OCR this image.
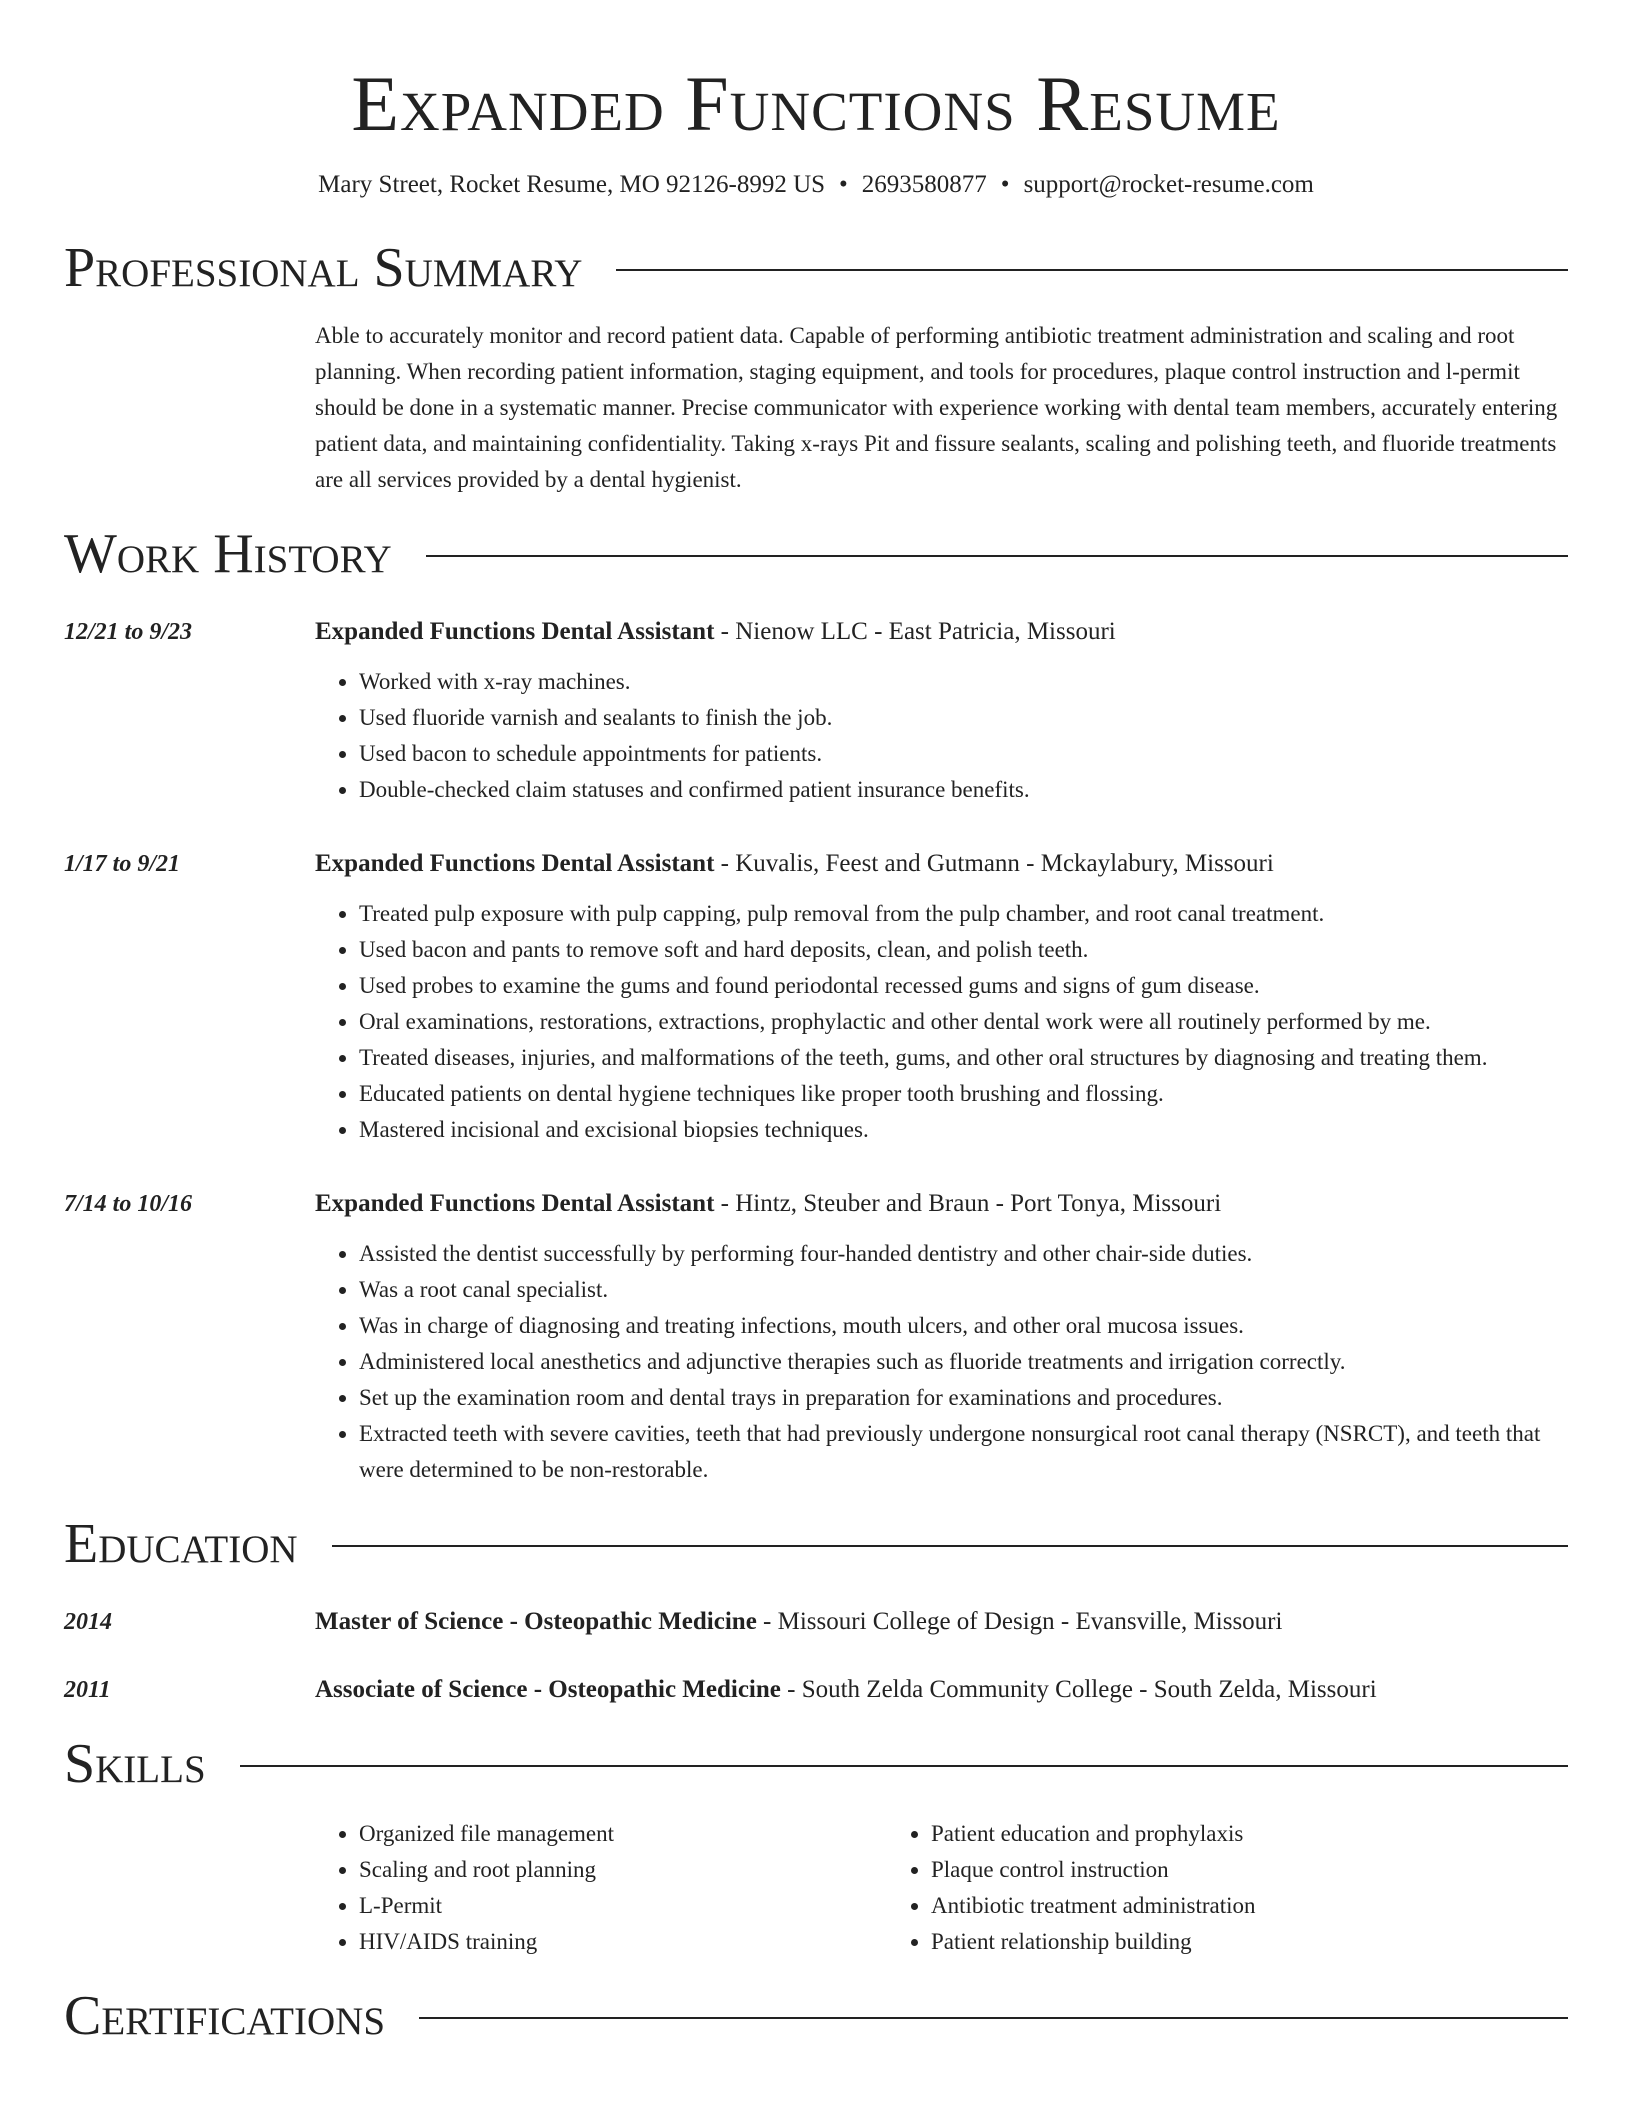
Expanded Functions Resume
Mary Street, Rocket Resume, MO 92126-8992 US • 2693580877 • support@rocket-resume.com
Professional Summary
Able to accurately monitor and record patient data. Capable of performing antibiotic treatment administration and scaling and root planning. When recording patient information, staging equipment, and tools for procedures, plaque control instruction and l-permit should be done in a systematic manner. Precise communicator with experience working with dental team members, accurately entering patient data, and maintaining confidentiality. Taking x-rays Pit and fissure sealants, scaling and polishing teeth, and fluoride treatments are all services provided by a dental hygienist.
Work History
12/21 to 9/23	Expanded Functions Dental Assistant - Nienow LLC - East Patricia, Missouri
• Worked with x-ray machines.
• Used fluoride varnish and sealants to finish the job.
• Used bacon to schedule appointments for patients.
• Double-checked claim statuses and confirmed patient insurance benefits.
1/17 to 9/21	Expanded Functions Dental Assistant - Kuvalis, Feest and Gutmann - Mckaylabury, Missouri
• Treated pulp exposure with pulp capping, pulp removal from the pulp chamber, and root canal treatment.
• Used bacon and pants to remove soft and hard deposits, clean, and polish teeth.
• Used probes to examine the gums and found periodontal recessed gums and signs of gum disease.
• Oral examinations, restorations, extractions, prophylactic and other dental work were all routinely performed by me.
• Treated diseases, injuries, and malformations of the teeth, gums, and other oral structures by diagnosing and treating them.
• Educated patients on dental hygiene techniques like proper tooth brushing and flossing.
• Mastered incisional and excisional biopsies techniques.
7/14 to 10/16	Expanded Functions Dental Assistant - Hintz, Steuber and Braun - Port Tonya, Missouri
• Assisted the dentist successfully by performing four-handed dentistry and other chair-side duties.
• Was a root canal specialist.
• Was in charge of diagnosing and treating infections, mouth ulcers, and other oral mucosa issues.
• Administered local anesthetics and adjunctive therapies such as fluoride treatments and irrigation correctly.
• Set up the examination room and dental trays in preparation for examinations and procedures.
• Extracted teeth with severe cavities, teeth that had previously undergone nonsurgical root canal therapy (NSRCT), and teeth that were determined to be non-restorable.
Education
2014	Master of Science - Osteopathic Medicine - Missouri College of Design - Evansville, Missouri
2011	Associate of Science - Osteopathic Medicine - South Zelda Community College - South Zelda, Missouri
Skills
• Organized file management
• Scaling and root planning
• L-Permit
• HIV/AIDS training
• Patient education and prophylaxis
• Plaque control instruction
• Antibiotic treatment administration
• Patient relationship building
Certifications
